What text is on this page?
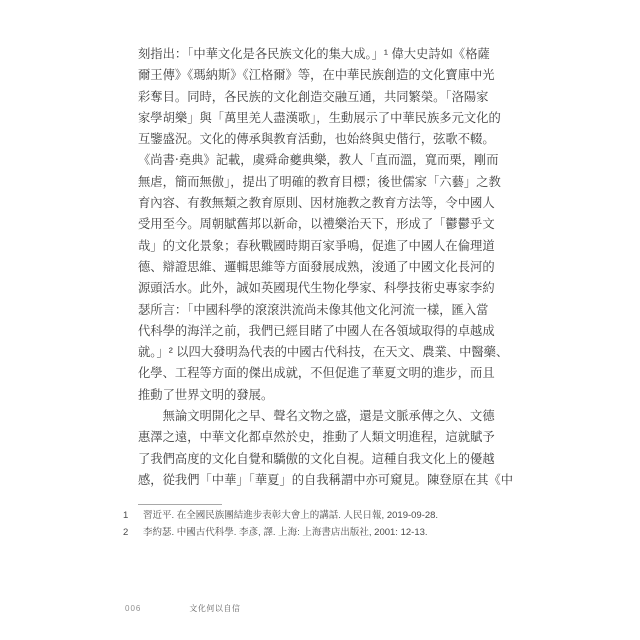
刻指出：「中華文化是各民族文化的集大成。」¹ 偉大史詩如《格薩
爾王傳》《瑪納斯》《江格爾》等，在中華民族創造的文化寶庫中光
彩奪目。同時，各民族的文化創造交融互通，共同繁榮。「洛陽家
家學胡樂」與「萬里羌人盡漢歌」，生動展示了中華民族多元文化的
互鑒盛況。文化的傳承與教育活動，也始終與史偕行，弦歌不輟。
《尚書‧堯典》記載，虞舜命夔典樂，教人「直而溫，寬而栗，剛而
無虐，簡而無傲」，提出了明確的教育目標；後世儒家「六藝」之教
育內容、有教無類之教育原則、因材施教之教育方法等，令中國人
受用至今。周朝賦舊邦以新命，以禮樂治天下，形成了「鬱鬱乎文
哉」的文化景象；春秋戰國時期百家爭鳴，促進了中國人在倫理道
德、辯證思維、邏輯思維等方面發展成熟，浚通了中國文化長河的
源頭活水。此外，誠如英國現代生物化學家、科學技術史專家李約
瑟所言：「中國科學的滾滾洪流尚未像其他文化河流一樣，匯入當
代科學的海洋之前，我們已經目睹了中國人在各領域取得的卓越成
就。」² 以四大發明為代表的中國古代科技，在天文、農業、中醫藥、
化學、工程等方面的傑出成就，不但促進了華夏文明的進步，而且
推動了世界文明的發展。
無論文明開化之早、聲名文物之盛，還是文脈承傳之久、文德
惠澤之遠，中華文化都卓然於史，推動了人類文明進程，這就賦予
了我們高度的文化自覺和驕傲的文化自視。這種自我文化上的優越
感，從我們「中華」「華夏」的自我稱謂中亦可窺見。陳登原在其《中
1	習近平. 在全國民族團結進步表彰大會上的講話. 人民日報, 2019-09-28.
2	李約瑟. 中國古代科學. 李彥, 譯. 上海: 上海書店出版社, 2001: 12-13.
006	文化何以自信
